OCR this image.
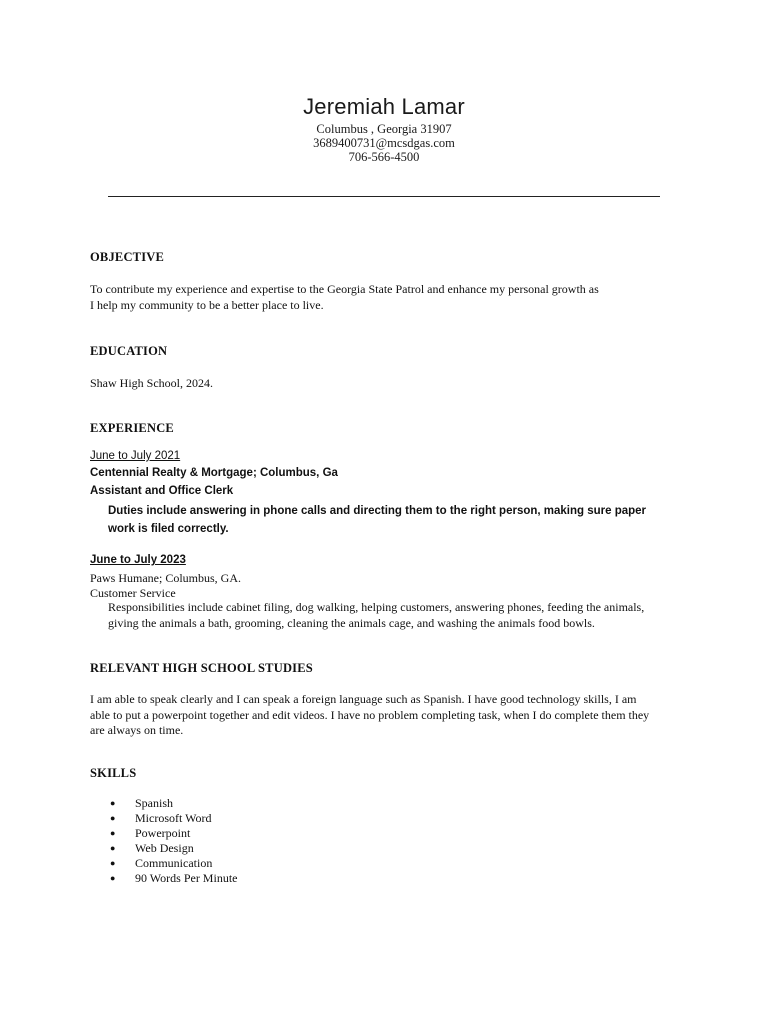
Jeremiah Lamar
Columbus , Georgia 31907
3689400731@mcsdgas.com
706-566-4500
OBJECTIVE
To contribute my experience and expertise to the Georgia State Patrol and enhance my personal growth as
I help my community to be a better place to live.
EDUCATION
Shaw High School, 2024.
EXPERIENCE
June to July 2021
Centennial Realty & Mortgage; Columbus, Ga
Assistant and Office Clerk
Duties include answering in phone calls and directing them to the right person, making sure paper
work is filed correctly.
June to July 2023
Paws Humane; Columbus, GA.
Customer Service
Responsibilities include cabinet filing, dog walking, helping customers, answering phones, feeding the animals,
giving the animals a bath, grooming, cleaning the animals cage, and washing the animals food bowls.
RELEVANT HIGH SCHOOL STUDIES
I am able to speak clearly and I can speak a foreign language such as Spanish. I have good technology skills, I am
able to put a powerpoint together and edit videos. I have no problem completing task, when I do complete them they
are always on time.
SKILLS
●	Spanish
●	Microsoft Word
●	Powerpoint
●	Web Design
●	Communication
●	90 Words Per Minute
